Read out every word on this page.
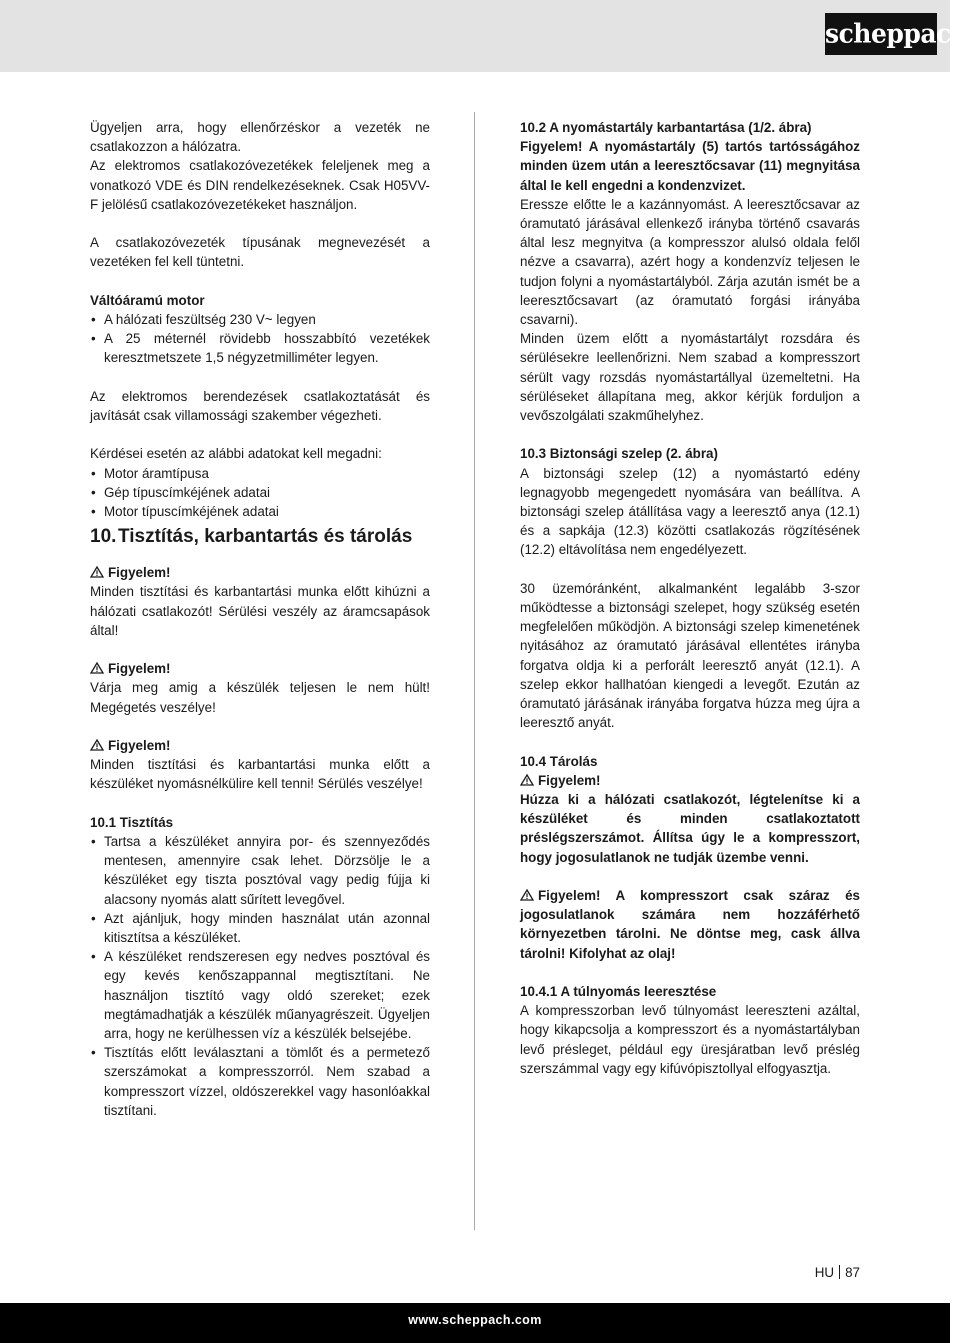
scheppach

Ügyeljen arra, hogy ellenőrzéskor a vezeték ne csatlakozzon a hálózatra.

Az elektromos csatlakozóvezetékek feleljenek meg a vonatkozó VDE és DIN rendelkezéseknek. Csak H05VV-F jelölésű csatlakozóvezetékeket használjon.

A csatlakozóvezeték típusának megnevezését a vezetéken fel kell tüntetni.

Váltóáramú motor

• A hálózati feszültség 230 V~ legyen
• A 25 méternél rövidebb hosszabbító vezetékek keresztmetszete 1,5 négyzetmilliméter legyen.

Az elektromos berendezések csatlakoztatását és javítását csak villamossági szakember végezheti.

Kérdései esetén az alábbi adatokat kell megadni:

• Motor áramtípusa
• Gép típuscímkéjének adatai
• Motor típuscímkéjének adatai
10.Tisztítás, karbantartás és tárolás

Figyelem!

Minden tisztítási és karbantartási munka előtt kihúzni a hálózati csatlakozót! Sérülési veszély az áramcsapások által!

Figyelem!

Várja meg amig a készülék teljesen le nem hült! Megégetés veszélye!

Figyelem!

Minden tisztítási és karbantartási munka előtt a készüléket nyomásnélkülire kell tenni! Sérülés veszélye!

10.1 Tisztítás

• Tartsa a készüléket annyira por- és szennyeződés mentesen, amennyire csak lehet. Dörzsölje le a készüléket egy tiszta posztóval vagy pedig fújja ki alacsony nyomás alatt sűrített levegővel.
• Azt ajánljuk, hogy minden használat után azonnal kitisztítsa a készüléket.
• A készüléket rendszeresen egy nedves posztóval és egy kevés kenőszappannal megtisztítani. Ne használjon tisztító vagy oldó szereket; ezek megtámadhatják a készülék műanyagrészeit. Ügyeljen arra, hogy ne kerülhessen víz a készülék belsejébe.
• Tisztítás előtt leválasztani a tömlőt és a permetező szerszámokat a kompresszorról. Nem szabad a kompresszort vízzel, oldószerekkel vagy hasonlóakkal tisztítani.

10.2 A nyomástartály karbantartása (1/2. ábra)

Figyelem! A nyomástartály (5) tartós tartósságához minden üzem után a leeresztőcsavar (11) megnyitása által le kell engedni a kondenzvizet.

Eressze előtte le a kazánnyomást. A leeresztőcsavar az óramutató járásával ellenkező irányba történő csavarás által lesz megnyitva (a kompresszor alulsó oldala felől nézve a csavarra), azért hogy a kondenzvíz teljesen le tudjon folyni a nyomástartályból. Zárja azután ismét be a leeresztőcsavart (az óramutató forgási irányába csavarni).

Minden üzem előtt a nyomástartályt rozsdára és sérülésekre leellenőrizni. Nem szabad a kompresszort sérült vagy rozsdás nyomástartállyal üzemeltetni. Ha sérüléseket állapítana meg, akkor kérjük forduljon a vevőszolgálati szakműhelyhez.

10.3 Biztonsági szelep (2. ábra)

A biztonsági szelep (12) a nyomástartó edény legnagyobb megengedett nyomására van beállítva. A biztonsági szelep átállítása vagy a leeresztő anya (12.1) és a sapkája (12.3) közötti csatlakozás rögzítésének (12.2) eltávolítása nem engedélyezett.

30 üzemóránként, alkalmanként legalább 3-szor működtesse a biztonsági szelepet, hogy szükség esetén megfelelően működjön. A biztonsági szelep kimenetének nyitásához az óramutató járásával ellentétes irányba forgatva oldja ki a perforált leeresztő anyát (12.1). A szelep ekkor hallhatóan kiengedi a levegőt. Ezután az óramutató járásának irányába forgatva húzza meg újra a leeresztő anyát.

10.4 Tárolás

Figyelem!

Húzza ki a hálózati csatlakozót, légtelenítse ki a készüléket és minden csatlakoztatott préslégszerszámot. Állítsa úgy le a kompresszort, hogy jogosulatlanok ne tudják üzembe venni.

Figyelem! A kompresszort csak száraz és jogosulatlanok számára nem hozzáférhető környezetben tárolni. Ne döntse meg, cask állva tárolni! Kifolyhat az olaj!

10.4.1 A túlnyomás leeresztése

A kompresszorban levő túlnyomást leereszteni azáltal, hogy kikapcsolja a kompresszort és a nyomástartályban levő présleget, például egy üresjáratban levő préslég szerszámmal vagy egy kifúvópisztollyal elfogyasztja.

HU 87
www.scheppach.com
